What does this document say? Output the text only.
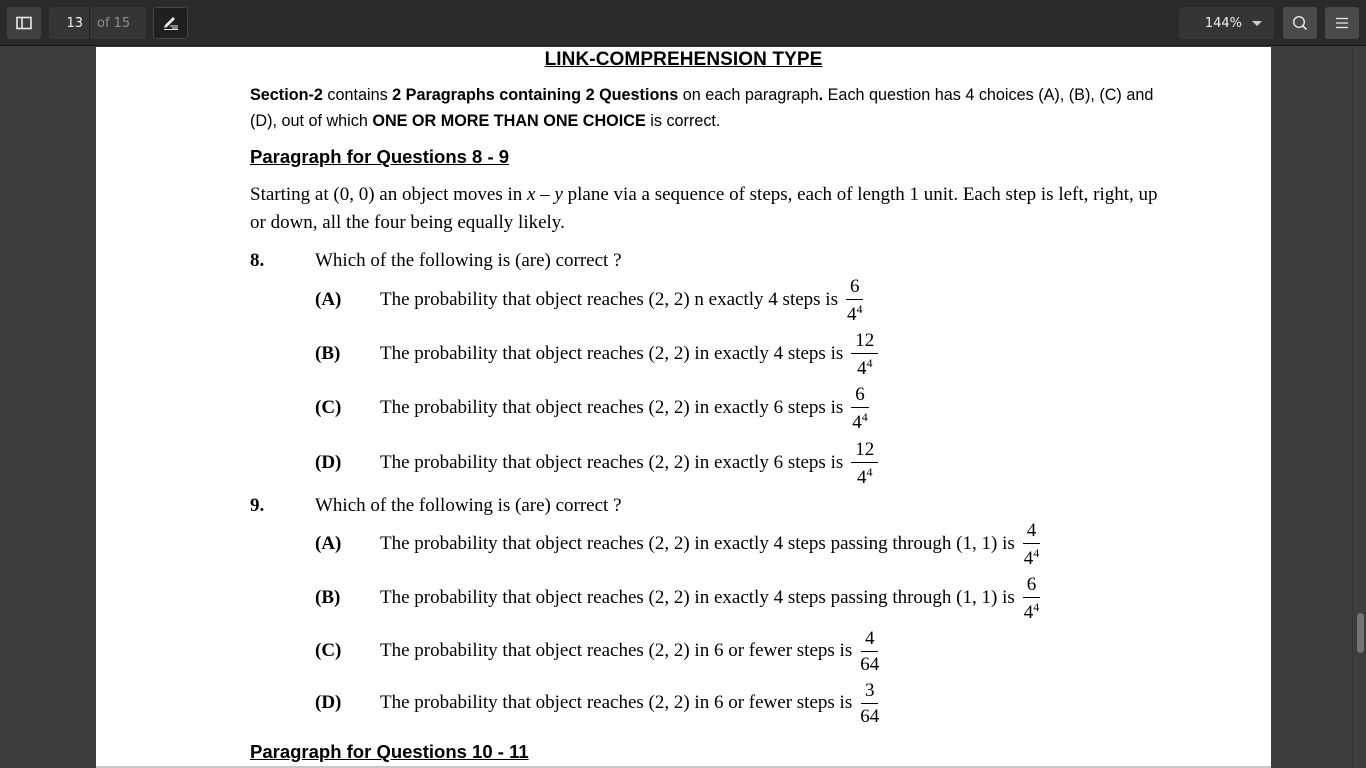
13
of 15	144%
LINK-COMPREHENSION TYPE
Section-2 contains 2 Paragraphs containing 2 Questions on each paragraph. Each question has 4 choices (A), (B), (C) and (D), out of which ONE OR MORE THAN ONE CHOICE is correct.
Paragraph for Questions 8 - 9
Starting at (0, 0) an object moves in x – y plane via a sequence of steps, each of length 1 unit. Each step is left, right, up or down, all the four being equally likely.
8.	Which of the following is (are) correct ?
(A)	The probability that object reaches (2, 2) n exactly 4 steps is $\frac{6}{4^4}$
(B)	The probability that object reaches (2, 2) in exactly 4 steps is $\frac{12}{4^4}$
(C)	The probability that object reaches (2, 2) in exactly 6 steps is $\frac{6}{4^4}$
(D)	The probability that object reaches (2, 2) in exactly 6 steps is $\frac{12}{4^4}$
9.	Which of the following is (are) correct ?
(A)	The probability that object reaches (2, 2) in exactly 4 steps passing through (1, 1) is $\frac{4}{4^4}$
(B)	The probability that object reaches (2, 2) in exactly 4 steps passing through (1, 1) is $\frac{6}{4^4}$
(C)	The probability that object reaches (2, 2) in 6 or fewer steps is $\frac{4}{64}$
(D)	The probability that object reaches (2, 2) in 6 or fewer steps is $\frac{3}{64}$
Paragraph for Questions 10 - 11
